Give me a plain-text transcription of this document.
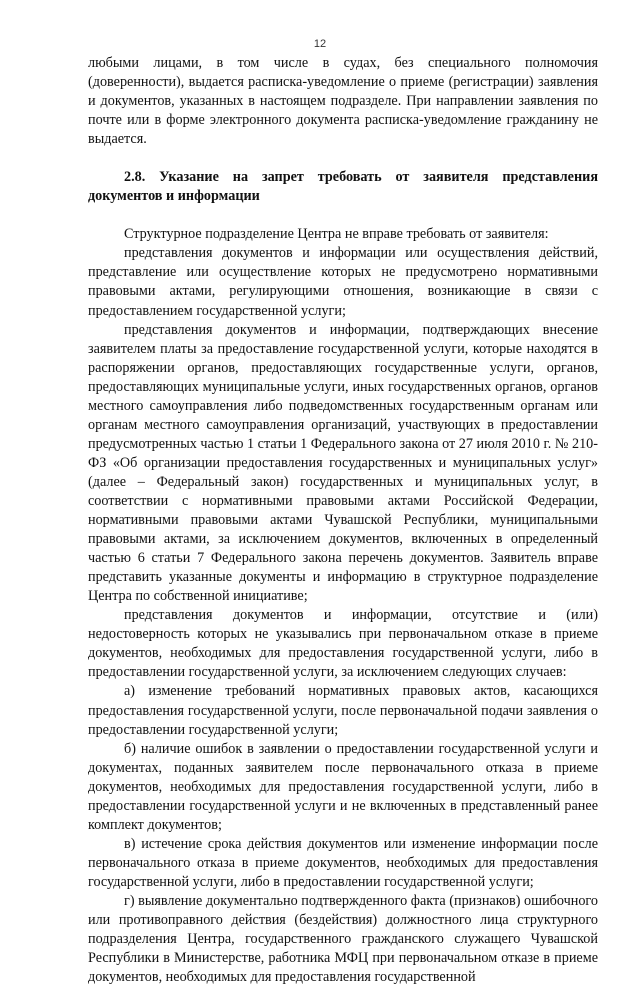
12

любыми лицами, в том числе в судах, без специального полномочия (доверенности), выдается расписка-уведомление о приеме (регистрации) заявления и документов, указанных в настоящем подразделе. При направлении заявления по почте или в форме электронного документа расписка-уведомление гражданину не выдается.

2.8. Указание на запрет требовать от заявителя представления документов и информации

Структурное подразделение Центра не вправе требовать от заявителя:

представления документов и информации или осуществления действий, представление или осуществление которых не предусмотрено нормативными правовыми актами, регулирующими отношения, возникающие в связи с предоставлением государственной услуги;

представления документов и информации, подтверждающих внесение заявителем платы за предоставление государственной услуги, которые находятся в распоряжении органов, предоставляющих государственные услуги, органов, предоставляющих муниципальные услуги, иных государственных органов, органов местного самоуправления либо подведомственных государственным органам или органам местного самоуправления организаций, участвующих в предоставлении предусмотренных частью 1 статьи 1 Федерального закона от 27 июля 2010 г. № 210-ФЗ «Об организации предоставления государственных и муниципальных услуг» (далее – Федеральный закон) государственных и муниципальных услуг, в соответствии с нормативными правовыми актами Российской Федерации, нормативными правовыми актами Чувашской Республики, муниципальными правовыми актами, за исключением документов, включенных в определенный частью 6 статьи 7 Федерального закона перечень документов. Заявитель вправе представить указанные документы и информацию в структурное подразделение Центра по собственной инициативе;

представления документов и информации, отсутствие и (или) недостоверность которых не указывались при первоначальном отказе в приеме документов, необходимых для предоставления государственной услуги, либо в предоставлении государственной услуги, за исключением следующих случаев:

а) изменение требований нормативных правовых актов, касающихся предоставления государственной услуги, после первоначальной подачи заявления о предоставлении государственной услуги;

б) наличие ошибок в заявлении о предоставлении государственной услуги и документах, поданных заявителем после первоначального отказа в приеме документов, необходимых для предоставления государственной услуги, либо в предоставлении государственной услуги и не включенных в представленный ранее комплект документов;

в) истечение срока действия документов или изменение информации после первоначального отказа в приеме документов, необходимых для предоставления государственной услуги, либо в предоставлении государственной услуги;

г) выявление документально подтвержденного факта (признаков) ошибочного или противоправного действия (бездействия) должностного лица структурного подразделения Центра, государственного гражданского служащего Чувашской Республики в Министерстве, работника МФЦ при первоначальном отказе в приеме документов, необходимых для предоставления государственной
